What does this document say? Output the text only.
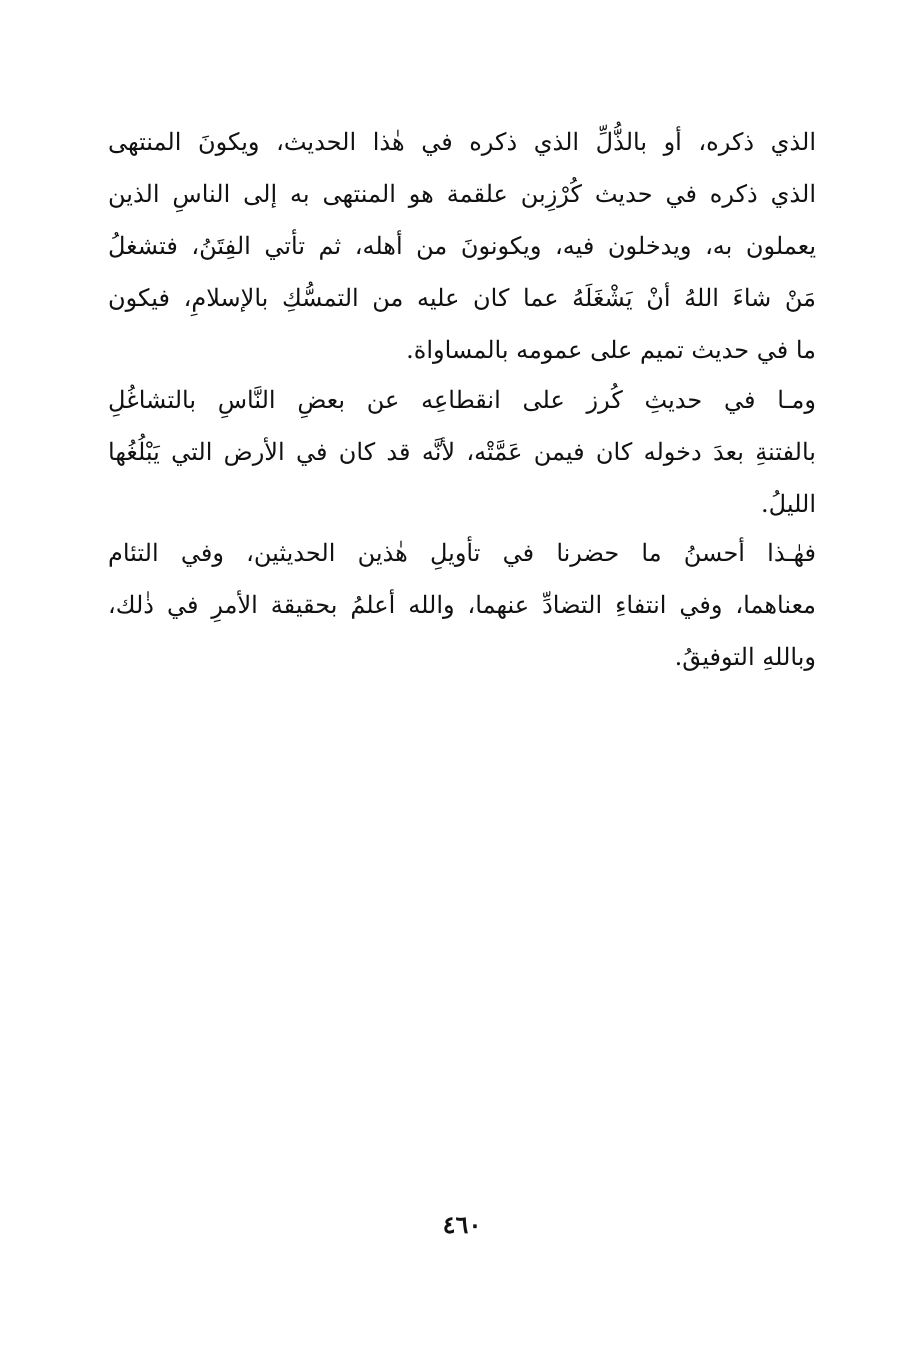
الذي ذكره، أو بالذُّلِّ الذي ذكره في هٰذا الحديث، ويكونَ المنتهى
الذي ذكره في حديث كُرْزِبن علقمة هو المنتهى به إلى الناسِ الذين
يعملون به، ويدخلون فيه، ويكونونَ من أهله، ثم تأتي الفِتَنُ، فتشغلُ
مَنْ شاءَ اللهُ أنْ يَشْغَلَهُ عما كان عليه من التمسُّكِ بالإسلامِ، فيكون
ما في حديث تميم على عمومه بالمساواة.
ومـا في حديثِ كُرز على انقطاعِه عن بعضِ النَّاسِ بالتشاغُلِ
بالفتنةِ بعدَ دخوله كان فيمن عَمَّتْه، لأنَّه قد كان في الأرض التي يَبْلُغُها
الليلُ.
فهٰـذا أحسنُ ما حضرنا في تأويلِ هٰذين الحديثين، وفي التئام
معناهما، وفي انتفاءِ التضادِّ عنهما، والله أعلمُ بحقيقة الأمرِ في ذٰلك،
وباللهِ التوفيقُ.
٤٦٠
